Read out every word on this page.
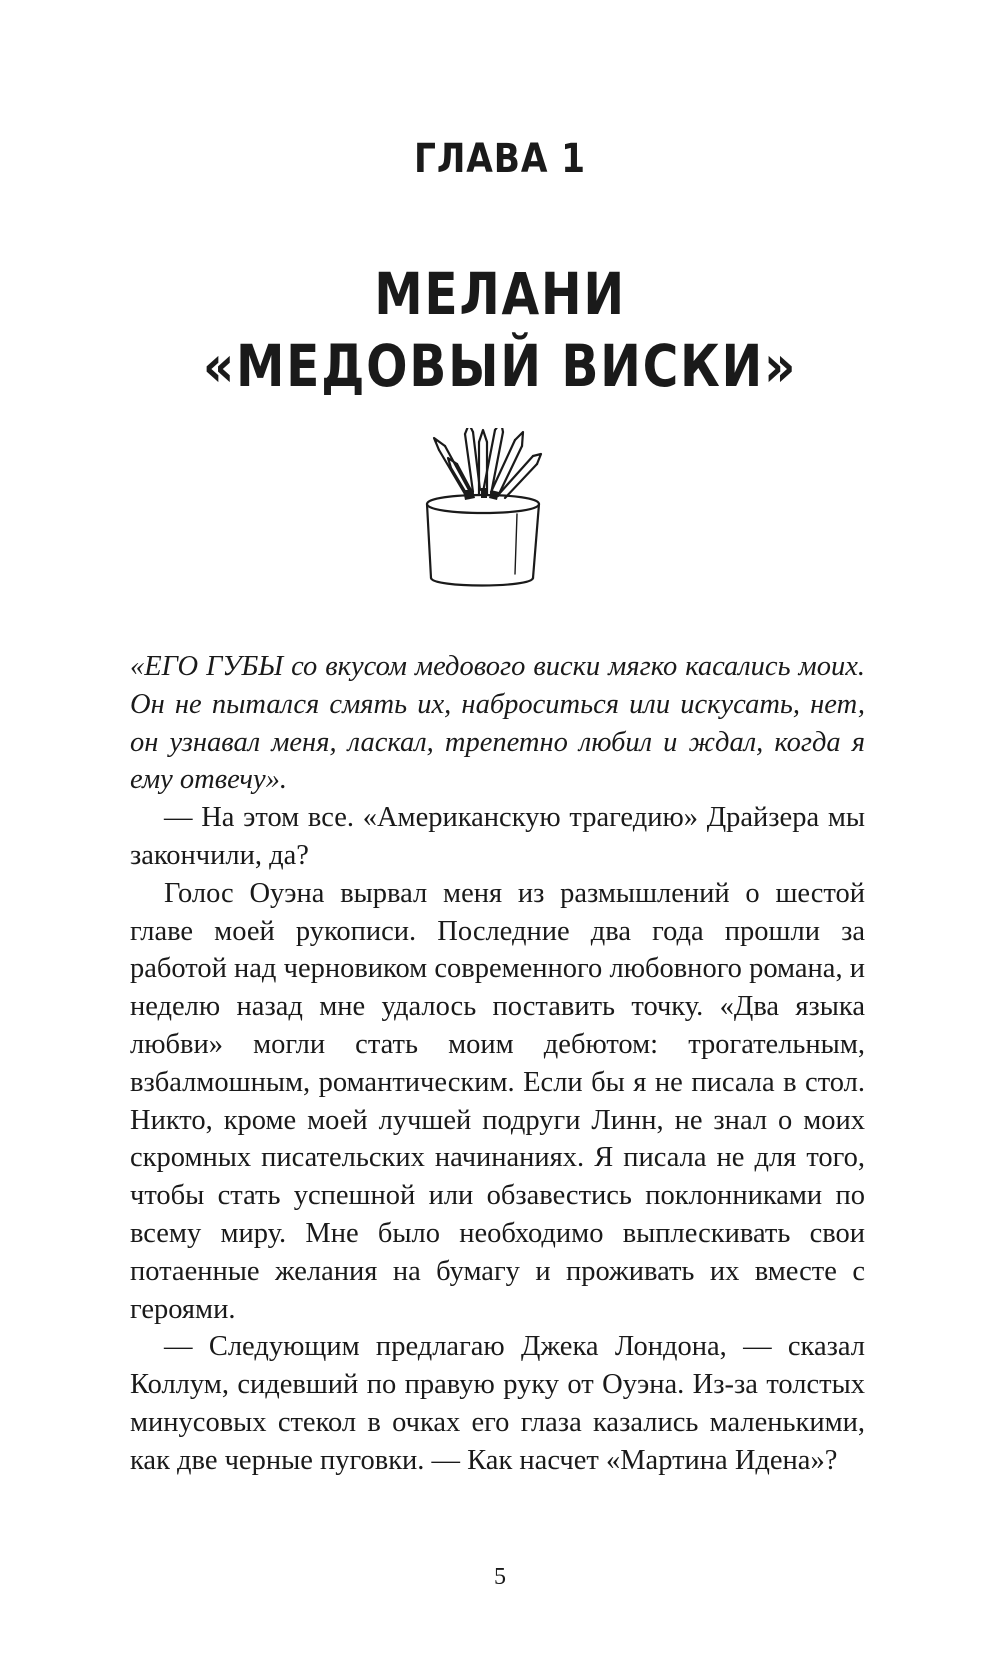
ГЛАВА 1
МЕЛАНИ
«МЕДОВЫЙ ВИСКИ»

«ЕГО ГУБЫ со вкусом медового виски мягко касались моих. Он не пытался смять их, наброситься или искусать, нет, он узнавал меня, ласкал, трепетно любил и ждал, когда я ему отвечу».

— На этом все. «Американскую трагедию» Драйзера мы закончили, да?

Голос Оуэна вырвал меня из размышлений о шестой главе моей рукописи. Последние два года прошли за работой над черновиком современного любовного романа, и неделю назад мне удалось поставить точку. «Два языка любви» могли стать моим дебютом: трогательным, взбалмошным, романтическим. Если бы я не писала в стол. Никто, кроме моей лучшей подруги Линн, не знал о моих скромных писательских начинаниях. Я писала не для того, чтобы стать успешной или обзавестись поклонниками по всему миру. Мне было необходимо выплескивать свои потаенные желания на бумагу и проживать их вместе с героями.

— Следующим предлагаю Джека Лондона, — сказал Коллум, сидевший по правую руку от Оуэна. Из-за толстых минусовых стекол в очках его глаза казались маленькими, как две черные пуговки. — Как насчет «Мартина Идена»?

5
